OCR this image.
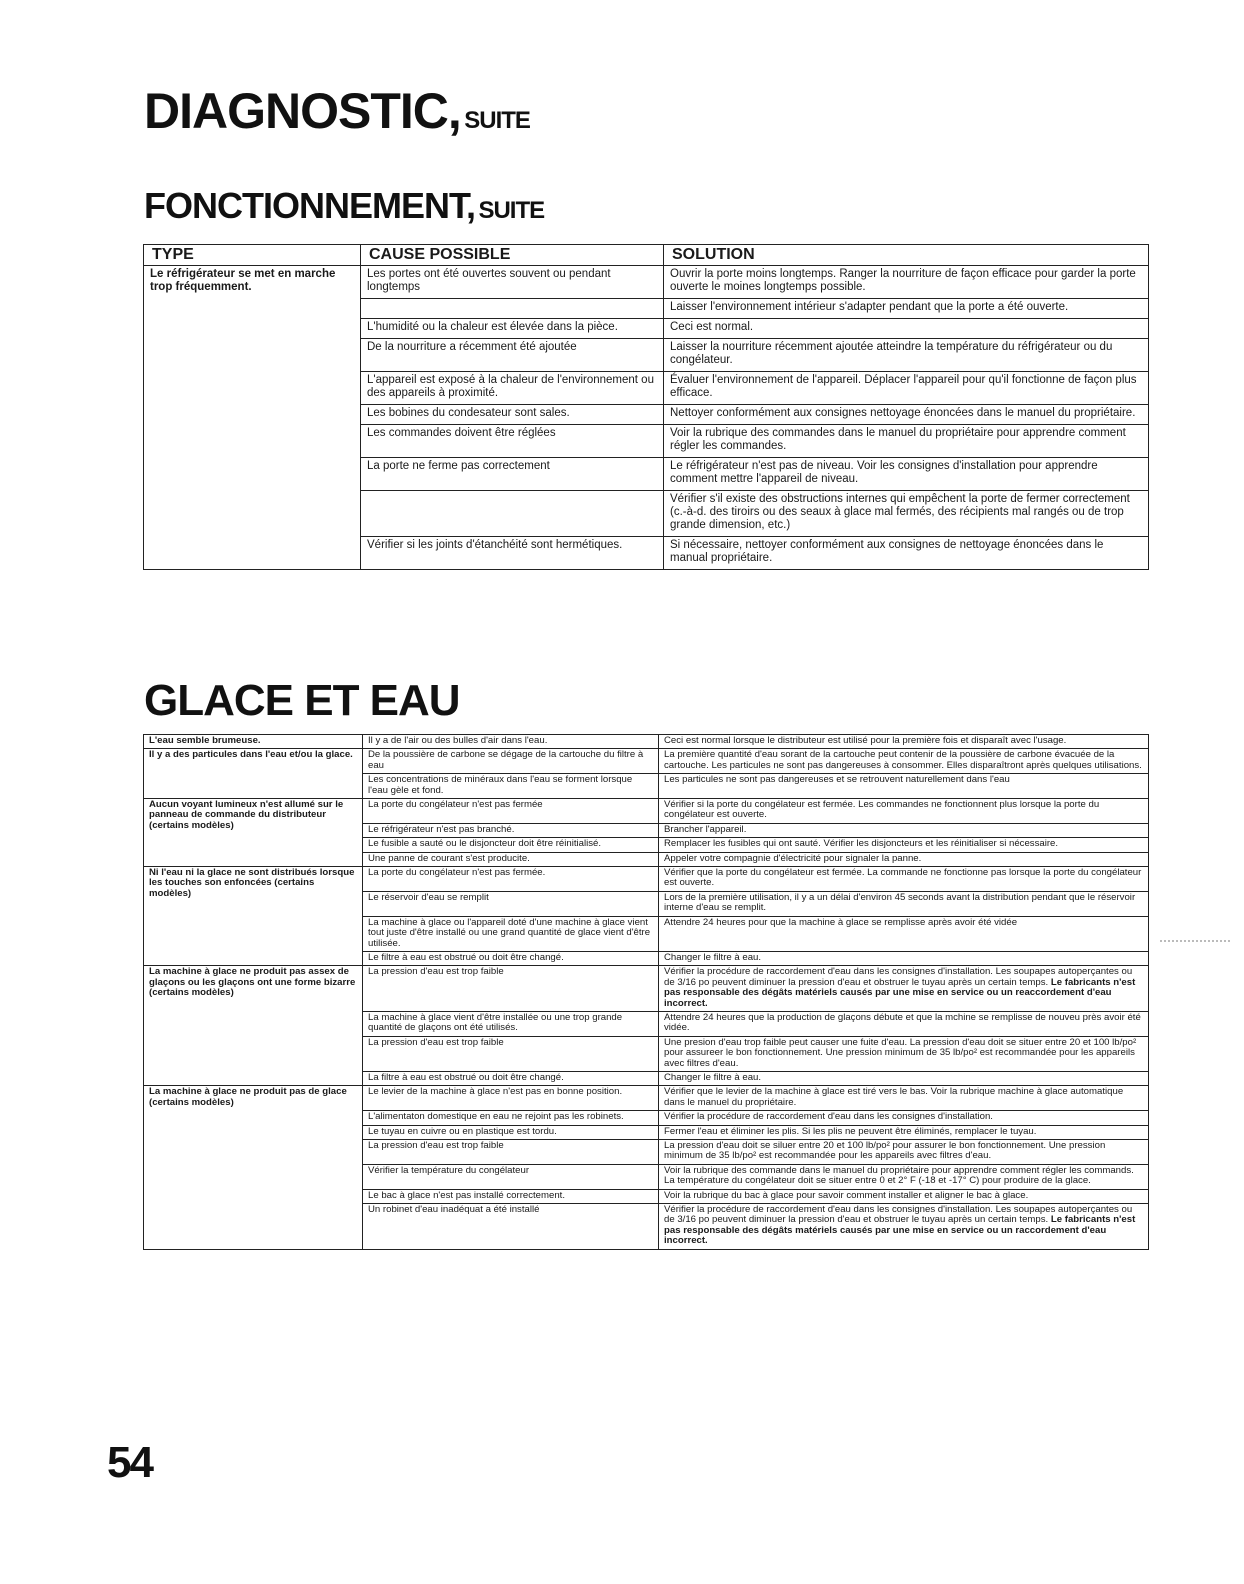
DIAGNOSTIC, SUITE
FONCTIONNEMENT, SUITE
TYPE	CAUSE POSSIBLE	SOLUTION
Le réfrigérateur se met en marche trop fréquemment.	Les portes ont été ouvertes souvent ou pendant longtemps	Ouvrir la porte moins longtemps. Ranger la nourriture de façon efficace pour garder la porte ouverte le moines longtemps possible.
		Laisser l'environnement intérieur s'adapter pendant que la porte a été ouverte.
	L'humidité ou la chaleur est élevée dans la pièce.	Ceci est normal.
	De la nourriture a récemment été ajoutée	Laisser la nourriture récemment ajoutée atteindre la température du réfrigérateur ou du congélateur.
	L'appareil est exposé à la chaleur de l'environnement ou des appareils à proximité.	Évaluer l'environnement de l'appareil. Déplacer l'appareil pour qu'il fonctionne de façon plus efficace.
	Les bobines du condesateur sont sales.	Nettoyer conformément aux consignes nettoyage énoncées dans le manuel du propriétaire.
	Les commandes doivent être réglées	Voir la rubrique des commandes dans le manuel du propriétaire pour apprendre comment régler les commandes.
	La porte ne ferme pas correctement	Le réfrigérateur n'est pas de niveau. Voir les consignes d'installation pour apprendre comment mettre l'appareil de niveau.
		Vérifier s'il existe des obstructions internes qui empêchent la porte de fermer correctement (c.-à-d. des tiroirs ou des seaux à glace mal fermés, des récipients mal rangés ou de trop grande dimension, etc.)
	Vérifier si les joints d'étanchéité sont hermétiques.	Si nécessaire, nettoyer conformément aux consignes de nettoyage énoncées dans le manual propriétaire.
GLACE ET EAU
L'eau semble brumeuse.	Il y a de l'air ou des bulles d'air dans l'eau.	Ceci est normal lorsque le distributeur est utilisé pour la première fois et disparaît avec l'usage.
Il y a des particules dans l'eau et/ou la glace.	De la poussière de carbone se dégage de la cartouche du filtre à eau	La première quantité d'eau sorant de la cartouche peut contenir de la poussière de carbone évacuée de la cartouche. Les particules ne sont pas dangereuses à consommer. Elles disparaîtront après quelques utilisations.
	Les concentrations de minéraux dans l'eau se forment lorsque l'eau gèle et fond.	Les particules ne sont pas dangereuses et se retrouvent naturellement dans l'eau
Aucun voyant lumineux n'est allumé sur le panneau de commande du distributeur (certains modèles)	La porte du congélateur n'est pas fermée	Vérifier si la porte du congélateur est fermée. Les commandes ne fonctionnent plus lorsque la porte du congélateur est ouverte.
	Le réfrigérateur n'est pas branché.	Brancher l'appareil.
	Le fusible a sauté ou le disjoncteur doit être réinitialisé.	Remplacer les fusibles qui ont sauté. Vérifier les disjoncteurs et les réinitialiser si nécessaire.
	Une panne de courant s'est producite.	Appeler votre compagnie d'électricité pour signaler la panne.
Ni l'eau ni la glace ne sont distribués lorsque les touches son enfoncées (certains modèles)	La porte du congélateur n'est pas fermée.	Vérifier que la porte du congélateur est fermée. La commande ne fonctionne pas lorsque la porte du congélateur est ouverte.
	Le réservoir d'eau se remplit	Lors de la première utilisation, il y a un délai d'environ 45 seconds avant la distribution pendant que le réservoir interne d'eau se remplit.
	La machine à glace ou l'appareil doté d'une machine à glace vient tout juste d'être installé ou une grand quantité de glace vient d'être utilisée.	Attendre 24 heures pour que la machine à glace se remplisse après avoir été vidée
	Le filtre à eau est obstrué ou doit être changé.	Changer le filtre à eau.
La machine à glace ne produit pas assex de glaçons ou les glaçons ont une forme bizarre (certains modèles)	La pression d'eau est trop faible	Vérifier la procédure de raccordement d'eau dans les consignes d'installation. Les soupapes autoperçantes ou de 3/16 po peuvent diminuer la pression d'eau et obstruer le tuyau après un certain temps. Le fabricants n'est pas responsable des dégâts matériels causés par une mise en service ou un reaccordement d'eau incorrect.
	La machine à glace vient d'être installée ou une trop grande quantité de glaçons ont été utilisés.	Attendre 24 heures que la production de glaçons débute et que la mchine se remplisse de nouveu près avoir été vidée.
	La pression d'eau est trop faible	Une presion d'eau trop faible peut causer une fuite d'eau. La pression d'eau doit se situer entre 20 et 100 lb/po² pour assureer le bon fonctionnement. Une pression minimum de 35 lb/po² est recommandée pour les appareils avec filtres d'eau.
	La filtre à eau est obstrué ou doit être changé.	Changer le filtre à eau.
La machine à glace ne produit pas de glace (certains modèles)	Le levier de la machine à glace n'est pas en bonne position.	Vérifier que le levier de la machine à glace est tiré vers le bas. Voir la rubrique machine à glace automatique dans le manuel du propriétaire.
	L'alimentaton domestique en eau ne rejoint pas les robinets.	Vérifier la procédure de raccordement d'eau dans les consignes d'installation.
	Le tuyau en cuivre ou en plastique est tordu.	Fermer l'eau et éliminer les plis. Si les plis ne peuvent être éliminés, remplacer le tuyau.
	La pression d'eau est trop faible	La pression d'eau doit se siluer entre 20 et 100 lb/po² pour assurer le bon fonctionnement. Une pression minimum de 35 lb/po² est recommandée pour les appareils avec filtres d'eau.
	Vérifier la température du congélateur	Voir la rubrique des commande dans le manuel du propriétaire pour apprendre comment régler les commands. La température du congélateur doit se situer entre 0 et 2° F (-18 et -17° C) pour produire de la glace.
	Le bac à glace n'est pas installé correctement.	Voir la rubrique du bac à glace pour savoir comment installer et aligner le bac à glace.
	Un robinet d'eau inadéquat a été installé	Vérifier la procédure de raccordement d'eau dans les consignes d'installation. Les soupapes autoperçantes ou de 3/16 po peuvent diminuer la pression d'eau et obstruer le tuyau après un certain temps. Le fabricants n'est pas responsable des dégâts matériels causés par une mise en service ou un raccordement d'eau incorrect.
54
